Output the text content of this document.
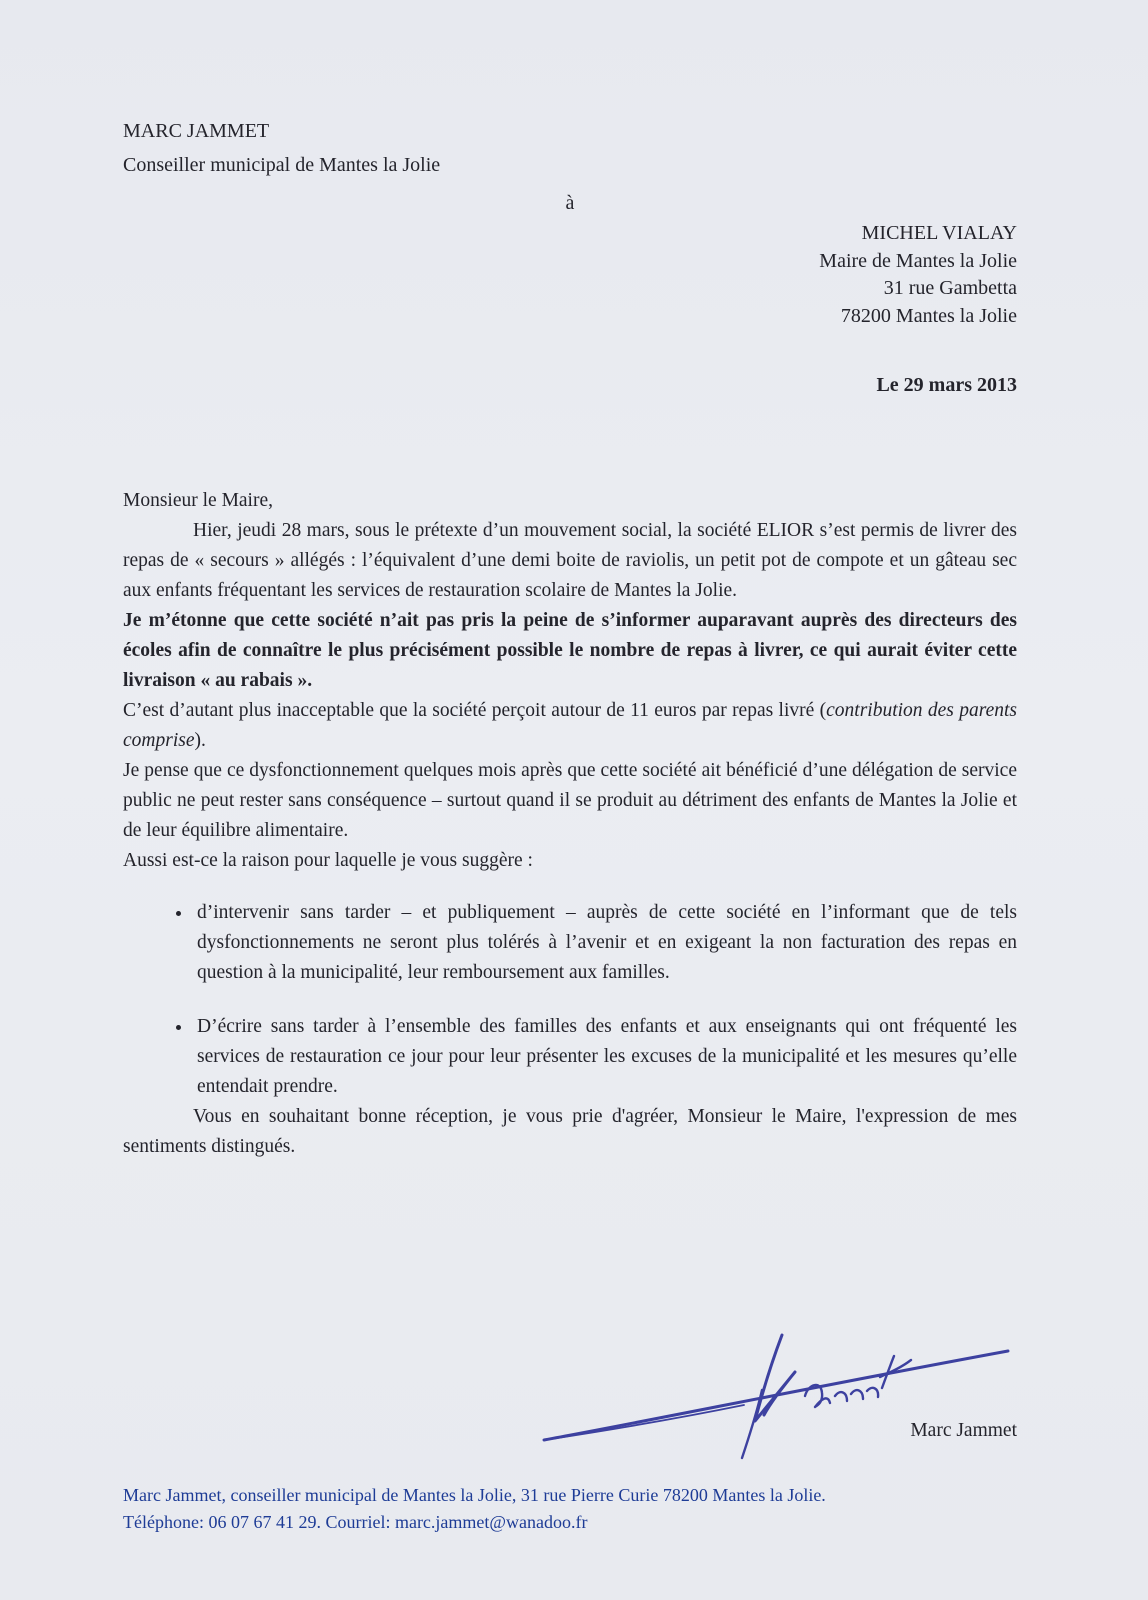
MARC JAMMET
Conseiller municipal de Mantes la Jolie
à
MICHEL VIALAY
Maire de Mantes la Jolie
31 rue Gambetta
78200 Mantes la Jolie
Le 29 mars 2013
Monsieur le Maire,

Hier, jeudi 28 mars, sous le prétexte d’un mouvement social, la société ELIOR s’est permis de livrer des repas de « secours » allégés : l’équivalent d’une demi boite de raviolis, un petit pot de compote et un gâteau sec aux enfants fréquentant les services de restauration scolaire de Mantes la Jolie.

Je m’étonne que cette société n’ait pas pris la peine de s’informer auparavant auprès des directeurs des écoles afin de connaître le plus précisément possible le nombre de repas à livrer, ce qui aurait éviter cette livraison « au rabais ».

C’est d’autant plus inacceptable que la société perçoit autour de 11 euros par repas livré (contribution des parents comprise).

Je pense que ce dysfonctionnement quelques mois après que cette société ait bénéficié d’une délégation de service public ne peut rester sans conséquence – surtout quand il se produit au détriment des enfants de Mantes la Jolie et de leur équilibre alimentaire.

Aussi est-ce la raison pour laquelle je vous suggère :

• d’intervenir sans tarder – et publiquement – auprès de cette société en l’informant que de tels dysfonctionnements ne seront plus tolérés à l’avenir et en exigeant la non facturation des repas en question à la municipalité, leur remboursement aux familles.
• D’écrire sans tarder à l’ensemble des familles des enfants et aux enseignants qui ont fréquenté les services de restauration ce jour pour leur présenter les excuses de la municipalité et les mesures qu’elle entendait prendre.

Vous en souhaitant bonne réception, je vous prie d'agréer, Monsieur le Maire, l'expression de mes sentiments distingués.

Marc Jammet
Marc Jammet, conseiller municipal de Mantes la Jolie, 31 rue Pierre Curie 78200 Mantes la Jolie.
Téléphone: 06 07 67 41 29. Courriel: marc.jammet@wanadoo.fr
